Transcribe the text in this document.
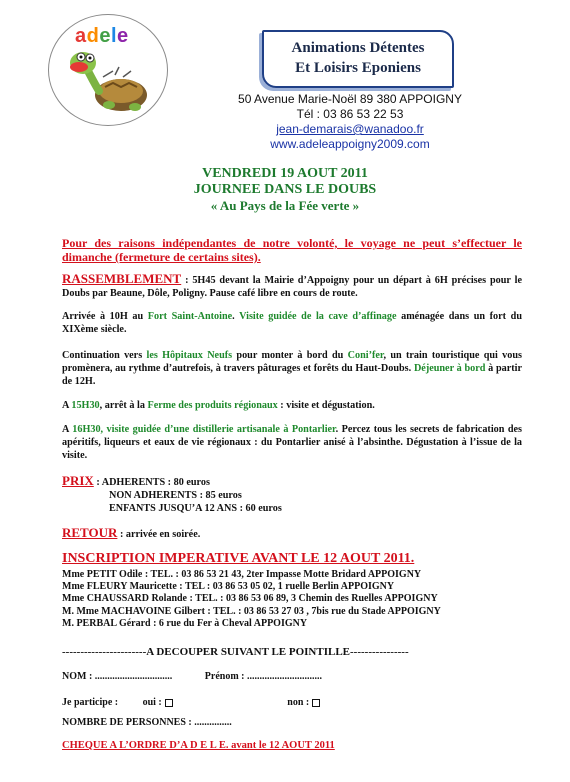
adele
Animations Détentes
Et Loisirs Eponiens
50 Avenue Marie-Noël 89 380 APPOIGNY
Tél : 03 86 53 22 53
jean-demarais@wanadoo.fr
www.adeleappoigny2009.com
VENDREDI 19 AOUT 2011
JOURNEE DANS LE DOUBS
« Au Pays de la Fée verte »
Pour des raisons indépendantes de notre volonté, le voyage ne peut s’effectuer le dimanche (fermeture de certains sites).
RASSEMBLEMENT : 5H45 devant la Mairie d’Appoigny pour un départ à 6H précises pour le Doubs par Beaune, Dôle, Poligny. Pause café libre en cours de route.
Arrivée à 10H au Fort Saint-Antoine. Visite guidée de la cave d’affinage aménagée dans un fort du XIXème siècle.
Continuation vers les Hôpitaux Neufs pour monter à bord du Coni’fer, un train touristique qui vous promènera, au rythme d’autrefois, à travers pâturages et forêts du Haut-Doubs. Déjeuner à bord à partir de 12H.
A 15H30, arrêt à la Ferme des produits régionaux : visite et dégustation.
A 16H30, visite guidée d’une distillerie artisanale à Pontarlier. Percez tous les secrets de fabrication des apéritifs, liqueurs et eaux de vie régionaux : du Pontarlier anisé à l’absinthe. Dégustation à l’issue de la visite.
PRIX : ADHERENTS : 80 euros
NON ADHERENTS : 85 euros
ENFANTS JUSQU’A 12 ANS : 60 euros
RETOUR : arrivée en soirée.
INSCRIPTION IMPERATIVE AVANT LE 12 AOUT 2011.
Mme PETIT Odile : TEL. : 03 86 53 21 43, 2ter Impasse Motte Bridard APPOIGNY
Mme FLEURY Mauricette : TEL : 03 86 53 05 02, 1 ruelle Berlin APPOIGNY
Mme CHAUSSARD Rolande : TEL. : 03 86 53 06 89, 3 Chemin des Ruelles APPOIGNY
M. Mme MACHAVOINE Gilbert : TEL. : 03 86 53 27 03 , 7bis rue du Stade APPOIGNY
M. PERBAL Gérard : 6 rue du Fer à Cheval APPOIGNY
-----------------------A DECOUPER SUIVANT LE POINTILLE----------------
NOM : ...............................	Prénom : ..............................
Je participe : oui :	non :
NOMBRE DE PERSONNES : ...............
CHEQUE A L’ORDRE D’A D E L E. avant le 12 AOUT 2011
